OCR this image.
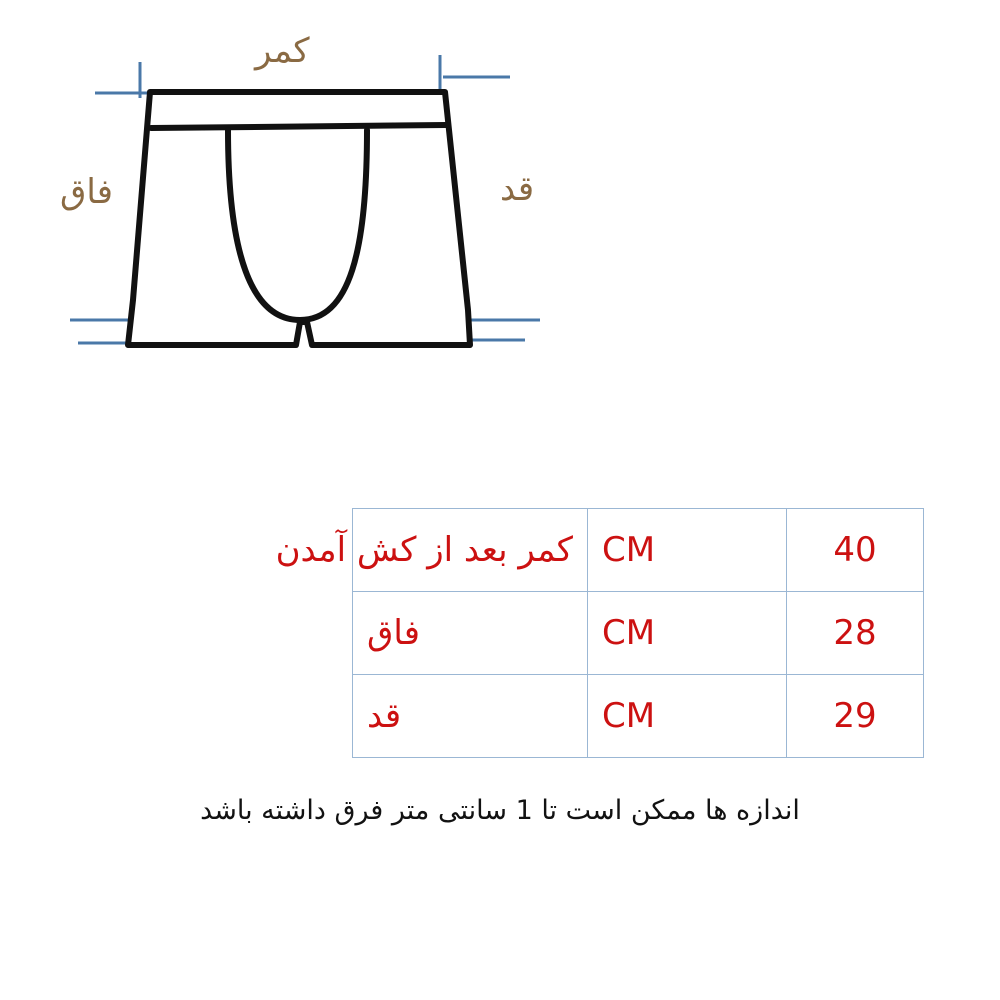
کمر
فاق	قد
40	CM	کمر بعد از کش آمدن
28	CM	فاق
29	CM	قد
اندازه ها ممکن است تا 1 سانتی متر فرق داشته باشد
